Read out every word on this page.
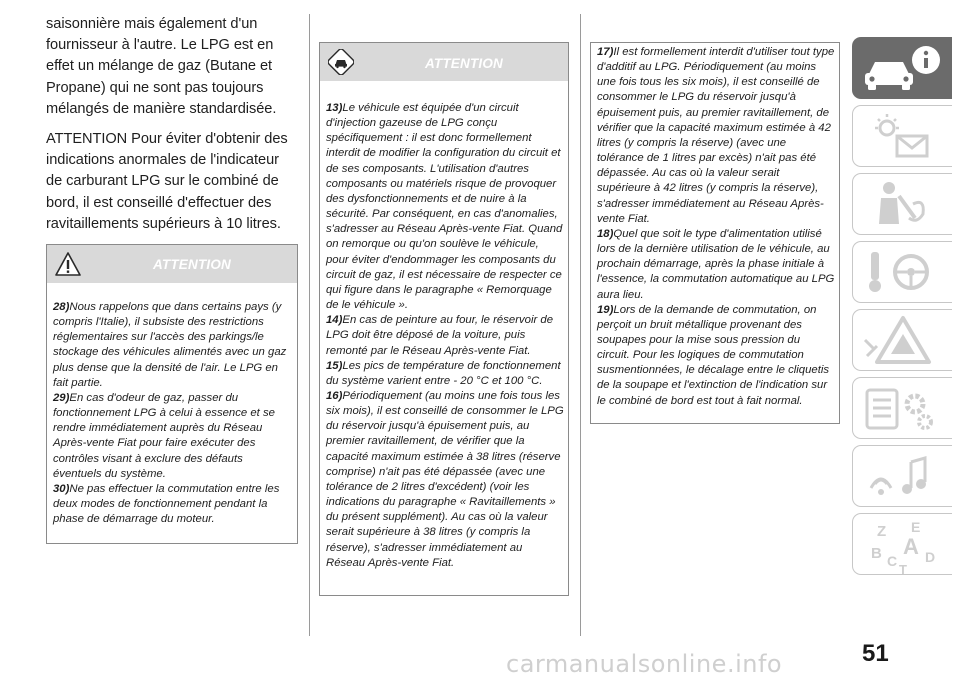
saisonnière mais également d'un fournisseur à l'autre. Le LPG est en effet un mélange de gaz (Butane et Propane) qui ne sont pas toujours mélangés de manière standardisée.

ATTENTION Pour éviter d'obtenir des indications anormales de l'indicateur de carburant LPG sur le combiné de bord, il est conseillé d'effectuer des ravitaillements supérieurs à 10 litres.

ATTENTION

28)Nous rappelons que dans certains pays (y compris l'Italie), il subsiste des restrictions réglementaires sur l'accès des parkings/le stockage des véhicules alimentés avec un gaz plus dense que la densité de l'air. Le LPG en fait partie.

29)En cas d'odeur de gaz, passer du fonctionnement LPG à celui à essence et se rendre immédiatement auprès du Réseau Après-vente Fiat pour faire exécuter des contrôles visant à exclure des défauts éventuels du système.

30)Ne pas effectuer la commutation entre les deux modes de fonctionnement pendant la phase de démarrage du moteur.

ATTENTION

13)Le véhicule est équipée d'un circuit d'injection gazeuse de LPG conçu spécifiquement : il est donc formellement interdit de modifier la configuration du circuit et de ses composants. L'utilisation d'autres composants ou matériels risque de provoquer des dysfonctionnements et de nuire à la sécurité. Par conséquent, en cas d'anomalies, s'adresser au Réseau Après-vente Fiat. Quand on remorque ou qu'on soulève le véhicule, pour éviter d'endommager les composants du circuit de gaz, il est nécessaire de respecter ce qui figure dans le paragraphe « Remorquage de le véhicule ».

14)En cas de peinture au four, le réservoir de LPG doit être déposé de la voiture, puis remonté par le Réseau Après-vente Fiat.

15)Les pics de température de fonctionnement du système varient entre - 20 °C et 100 °C.

16)Périodiquement (au moins une fois tous les six mois), il est conseillé de consommer le LPG du réservoir jusqu'à épuisement puis, au premier ravitaillement, de vérifier que la capacité maximum estimée à 38 litres (réserve comprise) n'ait pas été dépassée (avec une tolérance de 2 litres d'excédent) (voir les indications du paragraphe « Ravitaillements » du présent supplément). Au cas où la valeur serait supérieure à 38 litres (y compris la réserve), s'adresser immédiatement au Réseau Après-vente Fiat.

17)Il est formellement interdit d'utiliser tout type d'additif au LPG. Périodiquement (au moins une fois tous les six mois), il est conseillé de consommer le LPG du réservoir jusqu'à épuisement puis, au premier ravitaillement, de vérifier que la capacité maximum estimée à 42 litres (y compris la réserve) (avec une tolérance de 1 litres par excès) n'ait pas été dépassée. Au cas où la valeur serait supérieure à 42 litres (y compris la réserve), s'adresser immédiatement au Réseau Après-vente Fiat.

18)Quel que soit le type d'alimentation utilisé lors de la dernière utilisation de le véhicule, au prochain démarrage, après la phase initiale à l'essence, la commutation automatique au LPG aura lieu.

19)Lors de la demande de commutation, on perçoit un bruit métallique provenant des soupapes pour la mise sous pression du circuit. Pour les logiques de commutation susmentionnées, le décalage entre le cliquetis de la soupape et l'extinction de l'indication sur le combiné de bord est tout à fait normal.

Z E
B A
C D
T
51
carmanualsonline.info
